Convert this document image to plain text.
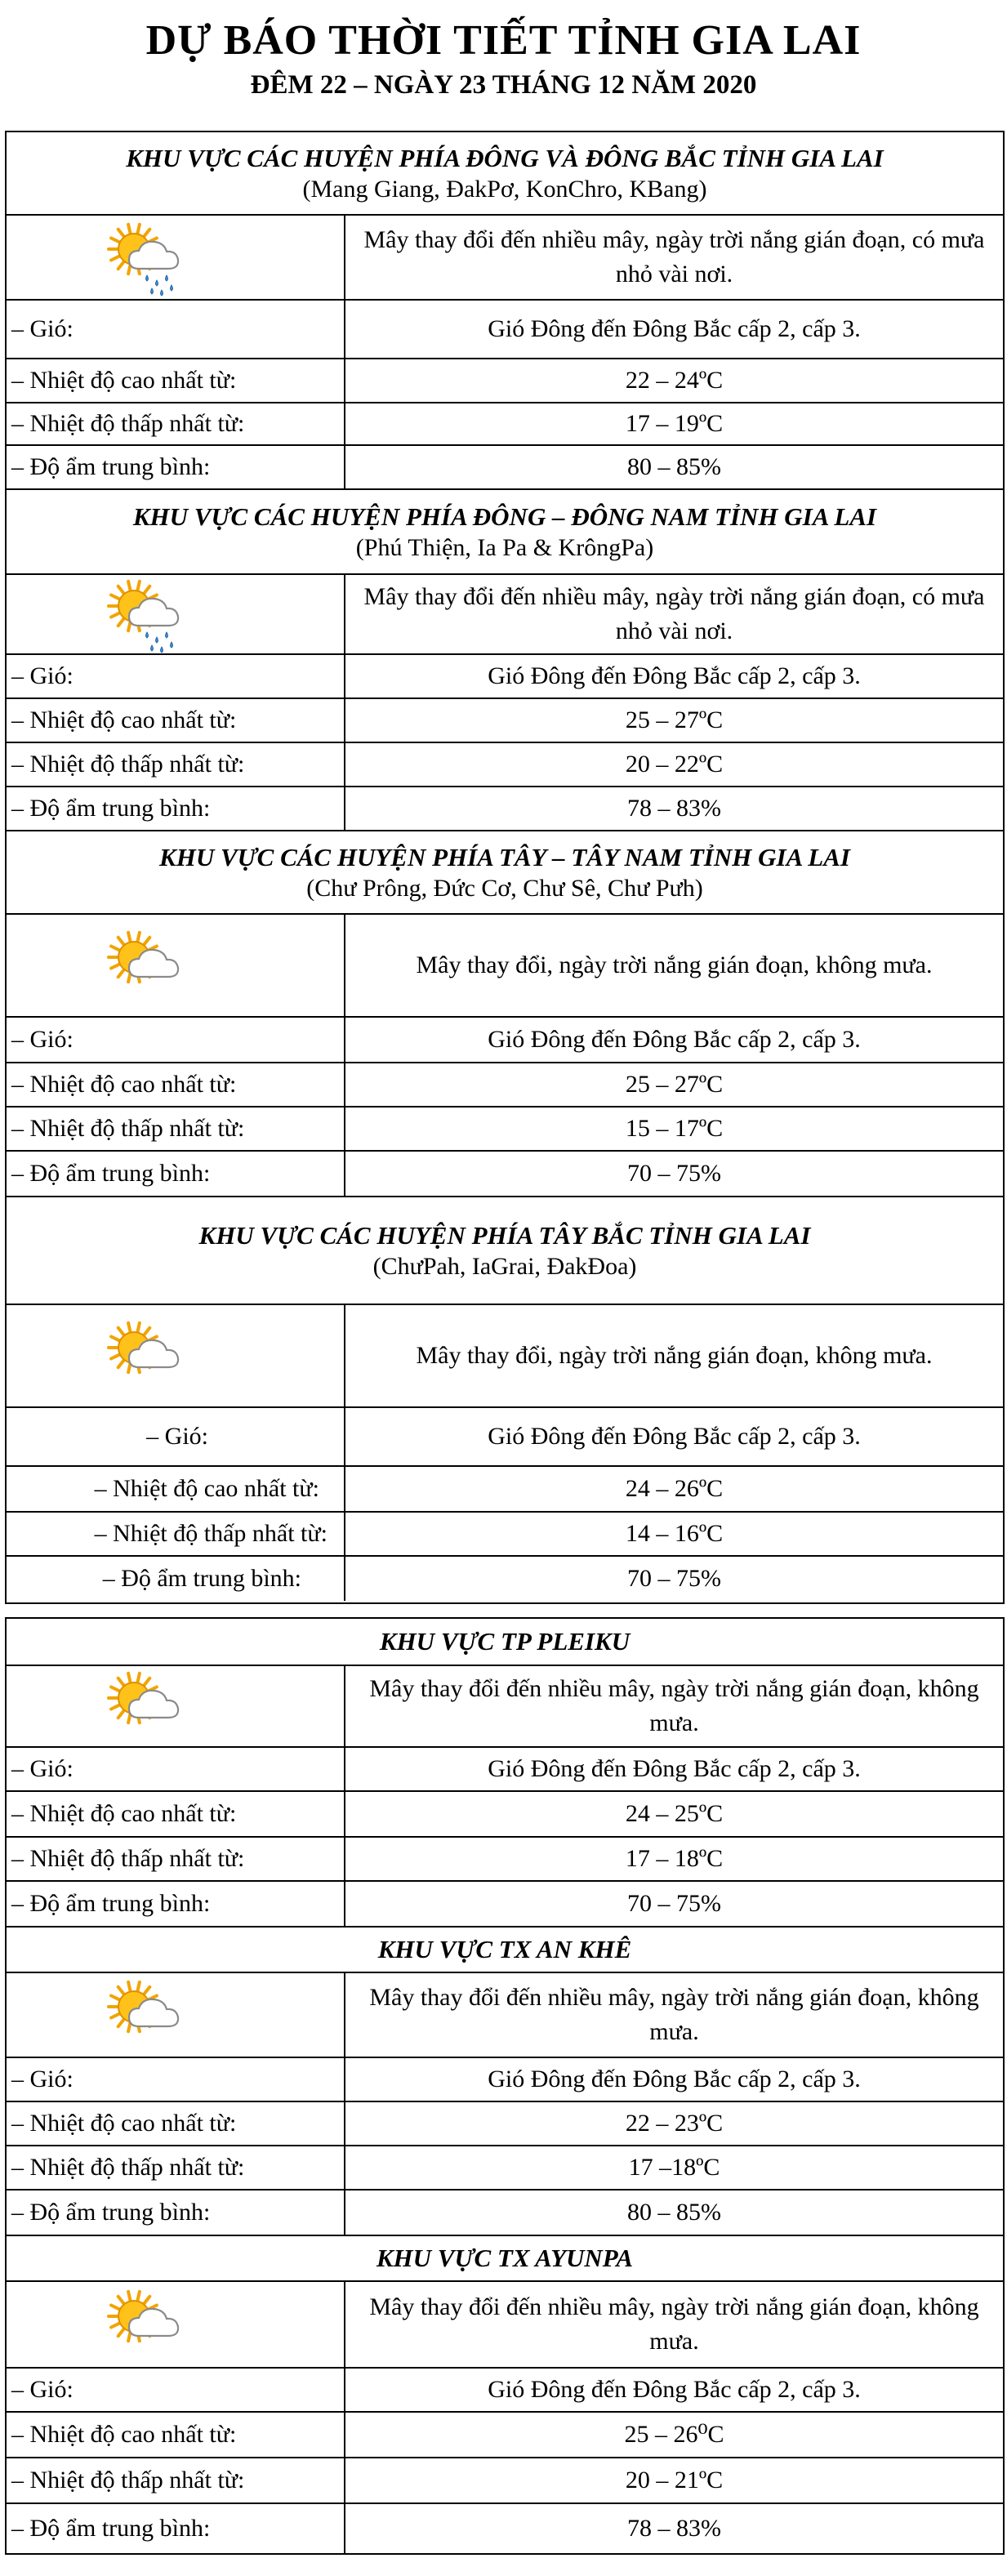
DỰ BÁO THỜI TIẾT TỈNH GIA LAI
ĐÊM 22 – NGÀY 23 THÁNG 12 NĂM 2020
KHU VỰC CÁC HUYỆN PHÍA ĐÔNG VÀ ĐÔNG BẮC TỈNH GIA LAI
(Mang Giang, ĐakPơ, KonChro, KBang)
Mây thay đổi đến nhiều mây, ngày trời nắng gián đoạn, có mưa nhỏ vài nơi.
– Gió:	Gió Đông đến Đông Bắc cấp 2, cấp 3.
– Nhiệt độ cao nhất từ:	22 – 24ºC
– Nhiệt độ thấp nhất từ:	17 – 19ºC
– Độ ẩm trung bình:	80 – 85%
KHU VỰC CÁC HUYỆN PHÍA ĐÔNG – ĐÔNG NAM TỈNH GIA LAI
(Phú Thiện, Ia Pa & KrôngPa)
Mây thay đổi đến nhiều mây, ngày trời nắng gián đoạn, có mưa nhỏ vài nơi.
– Gió:	Gió Đông đến Đông Bắc cấp 2, cấp 3.
– Nhiệt độ cao nhất từ:	25 – 27ºC
– Nhiệt độ thấp nhất từ:	20 – 22ºC
– Độ ẩm trung bình:	78 – 83%
KHU VỰC CÁC HUYỆN PHÍA TÂY – TÂY NAM TỈNH GIA LAI
(Chư Prông, Đức Cơ, Chư Sê, Chư Pưh)
Mây thay đổi, ngày trời nắng gián đoạn, không mưa.
– Gió:	Gió Đông đến Đông Bắc cấp 2, cấp 3.
– Nhiệt độ cao nhất từ:	25 – 27ºC
– Nhiệt độ thấp nhất từ:	15 – 17ºC
– Độ ẩm trung bình:	70 – 75%
KHU VỰC CÁC HUYỆN PHÍA TÂY BẮC TỈNH GIA LAI
(ChưPah, IaGrai, ĐakĐoa)
Mây thay đổi, ngày trời nắng gián đoạn, không mưa.
– Gió:	Gió Đông đến Đông Bắc cấp 2, cấp 3.
– Nhiệt độ cao nhất từ:	24 – 26ºC
– Nhiệt độ thấp nhất từ:	14 – 16ºC
– Độ ẩm trung bình:	70 – 75%
KHU VỰC TP PLEIKU
Mây thay đổi đến nhiều mây, ngày trời nắng gián đoạn, không mưa.
– Gió:	Gió Đông đến Đông Bắc cấp 2, cấp 3.
– Nhiệt độ cao nhất từ:	24 – 25ºC
– Nhiệt độ thấp nhất từ:	17 – 18ºC
– Độ ẩm trung bình:	70 – 75%
KHU VỰC TX AN KHÊ
Mây thay đổi đến nhiều mây, ngày trời nắng gián đoạn, không mưa.
– Gió:	Gió Đông đến Đông Bắc cấp 2, cấp 3.
– Nhiệt độ cao nhất từ:	22 – 23ºC
– Nhiệt độ thấp nhất từ:	17 –18ºC
– Độ ẩm trung bình:	80 – 85%
KHU VỰC TX AYUNPA
Mây thay đổi đến nhiều mây, ngày trời nắng gián đoạn, không mưa.
– Gió:	Gió Đông đến Đông Bắc cấp 2, cấp 3.
– Nhiệt độ cao nhất từ:	25 – 26⁰C
– Nhiệt độ thấp nhất từ:	20 – 21ºC
– Độ ẩm trung bình:	78 – 83%
